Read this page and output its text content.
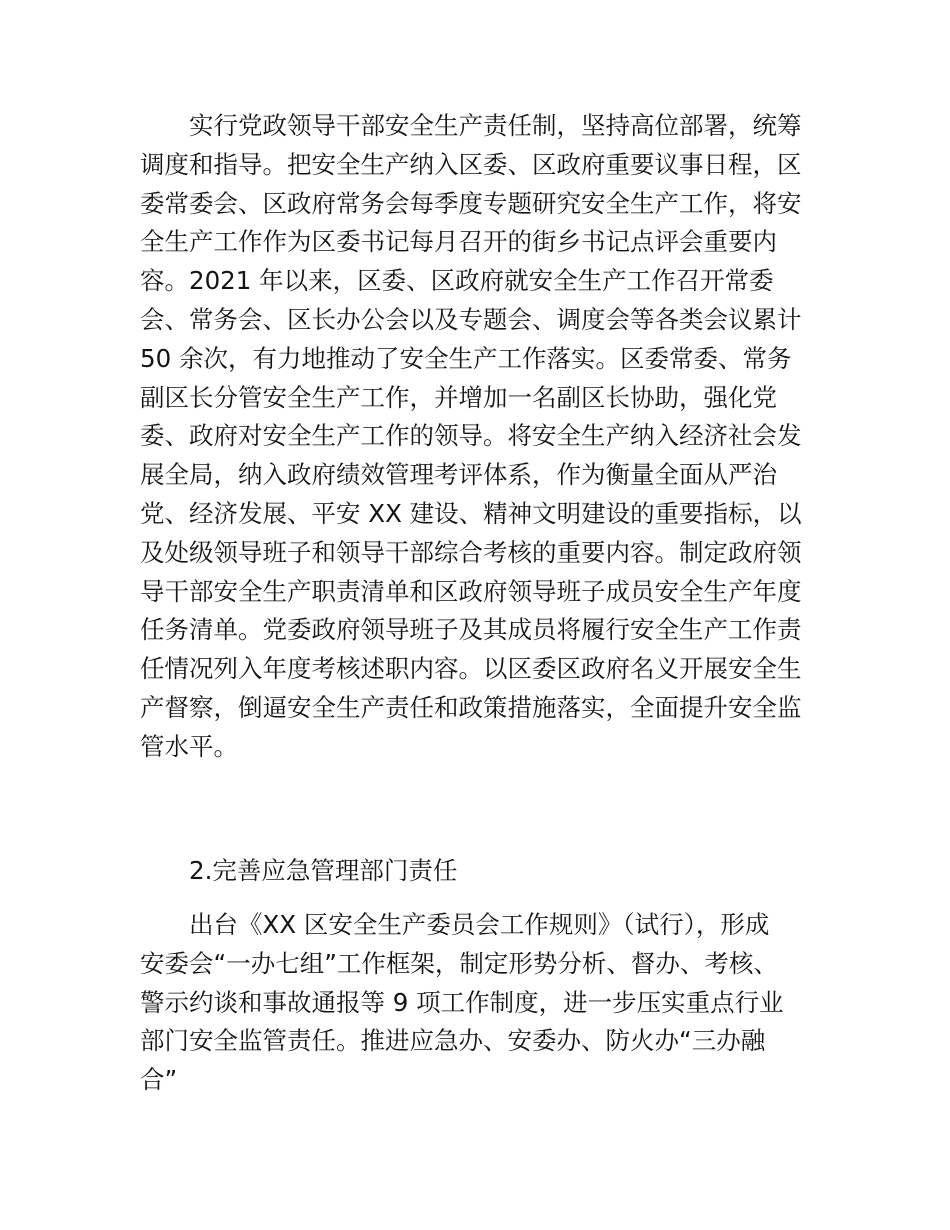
实行党政领导干部安全生产责任制，坚持高位部署，统筹
调度和指导。把安全生产纳入区委、区政府重要议事日程，区
委常委会、区政府常务会每季度专题研究安全生产工作，将安
全生产工作作为区委书记每月召开的街乡书记点评会重要内
容。2021 年以来，区委、区政府就安全生产工作召开常委
会、常务会、区长办公会以及专题会、调度会等各类会议累计
50 余次，有力地推动了安全生产工作落实。区委常委、常务
副区长分管安全生产工作，并增加一名副区长协助，强化党
委、政府对安全生产工作的领导。将安全生产纳入经济社会发
展全局，纳入政府绩效管理考评体系，作为衡量全面从严治
党、经济发展、平安 XX 建设、精神文明建设的重要指标，以
及处级领导班子和领导干部综合考核的重要内容。制定政府领
导干部安全生产职责清单和区政府领导班子成员安全生产年度
任务清单。党委政府领导班子及其成员将履行安全生产工作责
任情况列入年度考核述职内容。以区委区政府名义开展安全生
产督察，倒逼安全生产责任和政策措施落实，全面提升安全监
管水平。
2.完善应急管理部门责任
出台《XX 区安全生产委员会工作规则》（试行），形成
安委会“一办七组”工作框架，制定形势分析、督办、考核、
警示约谈和事故通报等 9 项工作制度，进一步压实重点行业
部门安全监管责任。推进应急办、安委办、防火办“三办融
合”
